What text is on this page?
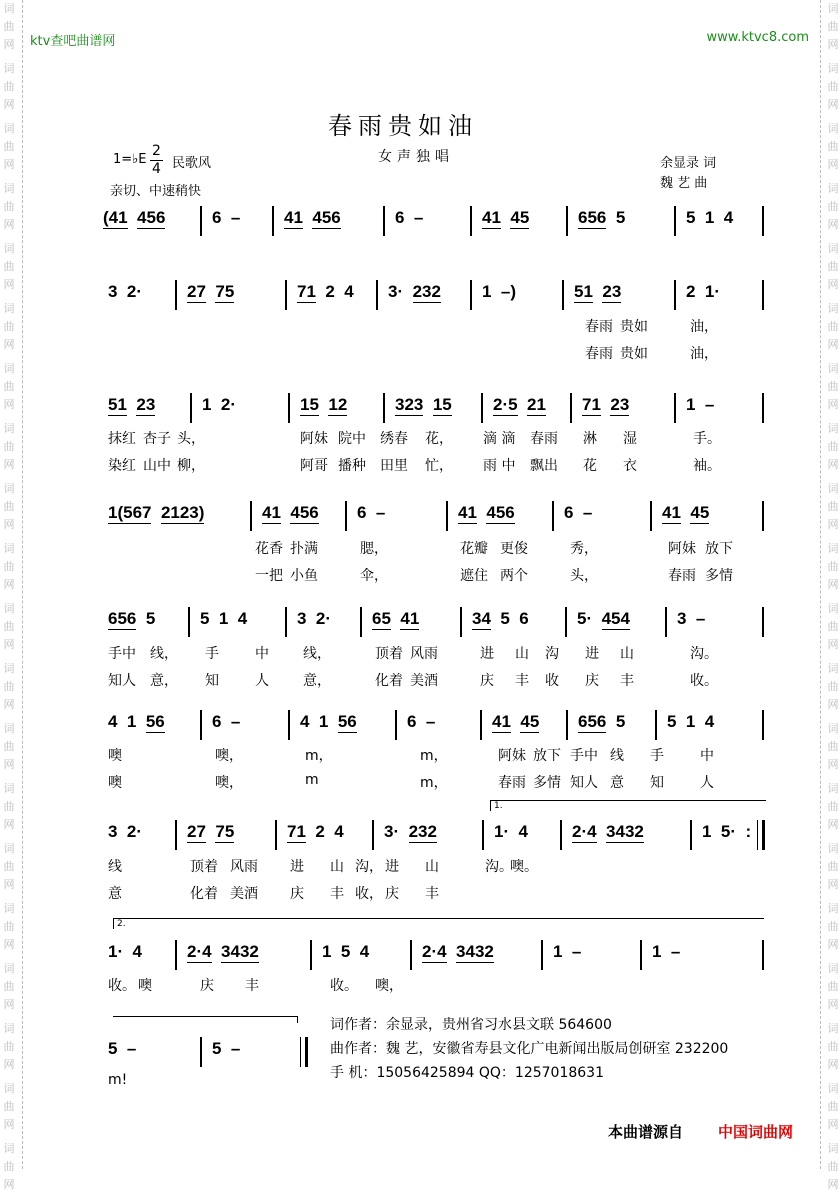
词
曲
网
词
曲
网
词
曲
网
词
曲
网
词
曲
网
词
曲
网
词
曲
网
词
曲
网
词
曲
网
词
曲
网
词
曲
网
词
曲
网
词
曲
网
词
曲
网
词
曲
网
词
曲
网
词
曲
网
词
曲
网
词
曲
网
词
曲
网
词
曲
网
词
曲
网
词
曲
网
词
曲
网
词
曲
网
词
曲
网
词
曲
网
词
曲
网
词
曲
网
词
曲
网
词
曲
网
词
曲
网
词
曲
网
词
曲
网
词
曲
网
词
曲
网
词
曲
网
词
曲
网
词
曲
网
词
曲
网
ktv查吧曲谱网	www.ktvc8.com
春雨贵如油
女声独唱
1=♭E
2
4 民歌风
亲切、中速稍快
余显录 词
魏 艺 曲
(41 456	6  –	41 456	6  –	41 45	656  5	5  1  4
3  2·	27 75	71  2  4 3·  232 1  –)	51 23	2  1·
春雨 贵如	油，
春雨 贵如	油，
51 23	1  2·	15 12	323 15 2·5 21 71 23	1  –
抹红 杏子 头，	阿妹 院中 绣春 花， 滴 滴 春雨 淋 湿	手。
染红 山中 柳，	阿哥 播种 田里 忙， 雨 中 飘出 花 衣	袖。
1(567 2123)	41 456 6  –	41 456	6  –	41 45
花香 扑满	腮，	花瓣 更俊	秀，	阿妹 放下
一把 小鱼	伞，	遮住 两个	头，	春雨 多情
656  5	5  1  4	3  2· 65 41	34  5  6	5·  454	3  –
手中 线， 手	中 线，	顶着 风雨	进 山 沟 进 山	沟。
知人 意， 知	人 意，	化着 美酒	庆 丰 收 庆 丰	收。
4  1  56	6  –	4  1  56	6  –	41 45 656  5 5  1  4
噢	噢，	m，	m，	阿妹 放下 手中 线 手	中
噢	噢，	m	m，	春雨 多情 知人 意 知	人
3  2·	27 75	71  2  4 3·  232	1·  4	2·4 3432	1  5·  :
线	顶着 风雨 进 山 沟， 进 山	沟。
噢。
意	化着 美酒 庆 丰 收， 庆 丰
1·  4	2·4 3432	1  5  4	2·4 3432	1  –	1  –
收。 噢	庆 丰	收。 噢，
5  –	5  –
m!
1.
2.
词作者：余显录，贵州省习水县文联 564600
曲作者：魏 艺，安徽省寿县文化广电新闻出版局创研室 232200
手 机：15056425894 QQ：1257018631
本曲谱源自 中国词曲网
